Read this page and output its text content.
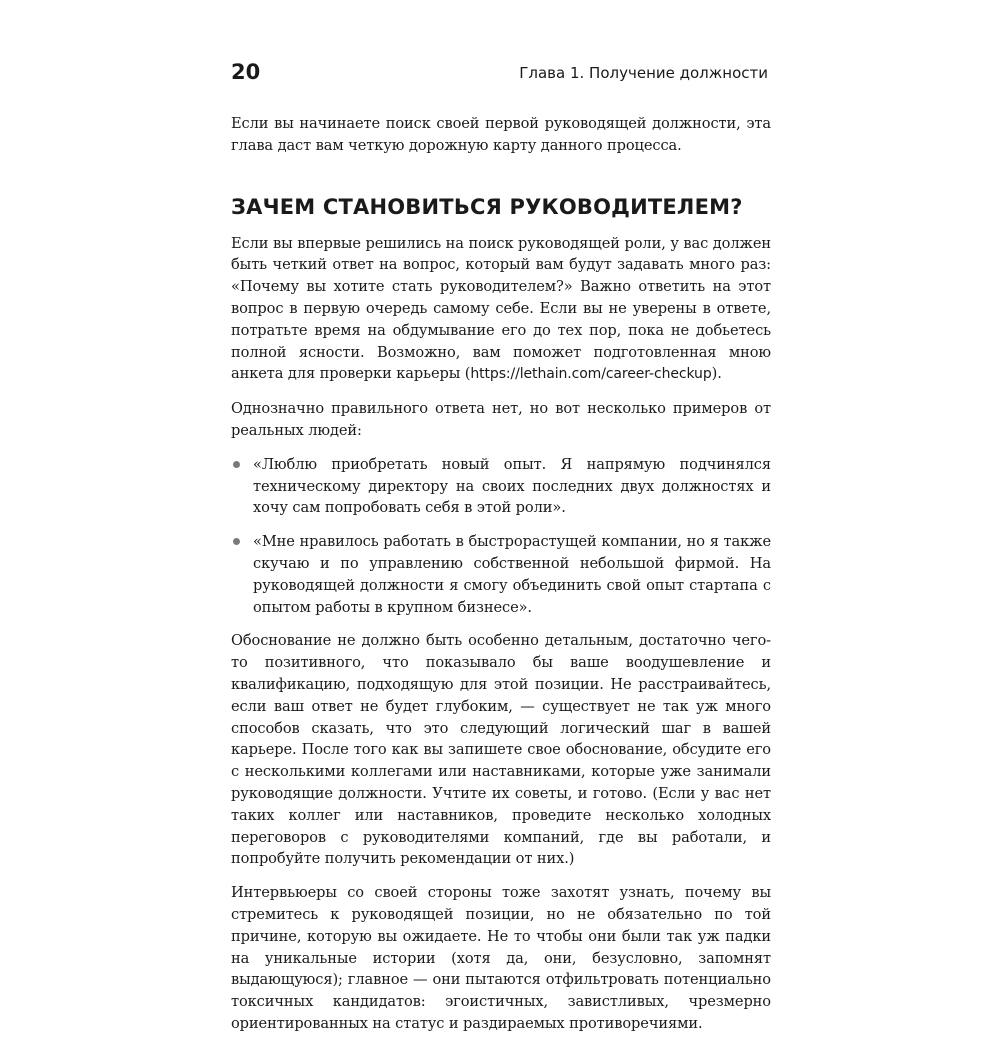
20	Глава 1. Получение должности

Если вы начинаете поиск своей первой руководящей должности, эта глава даст вам четкую дорожную карту данного процесса.

ЗАЧЕМ СТАНОВИТЬСЯ РУКОВОДИТЕЛЕМ?

Если вы впервые решились на поиск руководящей роли, у вас должен быть четкий ответ на вопрос, который вам будут задавать много раз: «Почему вы хотите стать руководителем?» Важно ответить на этот вопрос в первую очередь самому себе. Если вы не уверены в ответе, потратьте время на обдумывание его до тех пор, пока не добьетесь полной ясности. Возможно, вам поможет подготовленная мною анкета для проверки карьеры (https://lethain.com/career-checkup).

Однозначно правильного ответа нет, но вот несколько примеров от реальных людей:

«Люблю приобретать новый опыт. Я напрямую подчинялся техническому директору на своих последних двух должностях и хочу сам попробовать себя в этой роли».
«Мне нравилось работать в быстрорастущей компании, но я также скучаю и по управлению собственной небольшой фирмой. На руководящей должности я смогу объединить свой опыт стартапа с опытом работы в крупном бизнесе».

Обоснование не должно быть особенно детальным, достаточно чего-то позитивного, что показывало бы ваше воодушевление и квалификацию, подходящую для этой позиции. Не расстраивайтесь, если ваш ответ не будет глубоким, — существует не так уж много способов сказать, что это следующий логический шаг в вашей карьере. После того как вы запишете свое обоснование, обсудите его с несколькими коллегами или наставниками, которые уже занимали руководящие должности. Учтите их советы, и готово. (Если у вас нет таких коллег или наставников, проведите несколько холодных переговоров с руководителями компаний, где вы работали, и попробуйте получить рекомендации от них.)

Интервьюеры со своей стороны тоже захотят узнать, почему вы стремитесь к руководящей позиции, но не обязательно по той причине, которую вы ожидаете. Не то чтобы они были так уж падки на уникальные истории (хотя да, они, безусловно, запомнят выдающуюся); главное — они пытаются отфильтровать потенциально токсичных кандидатов: эгоистичных, завистливых, чрезмерно ориентированных на статус и раздираемых противоречиями.
